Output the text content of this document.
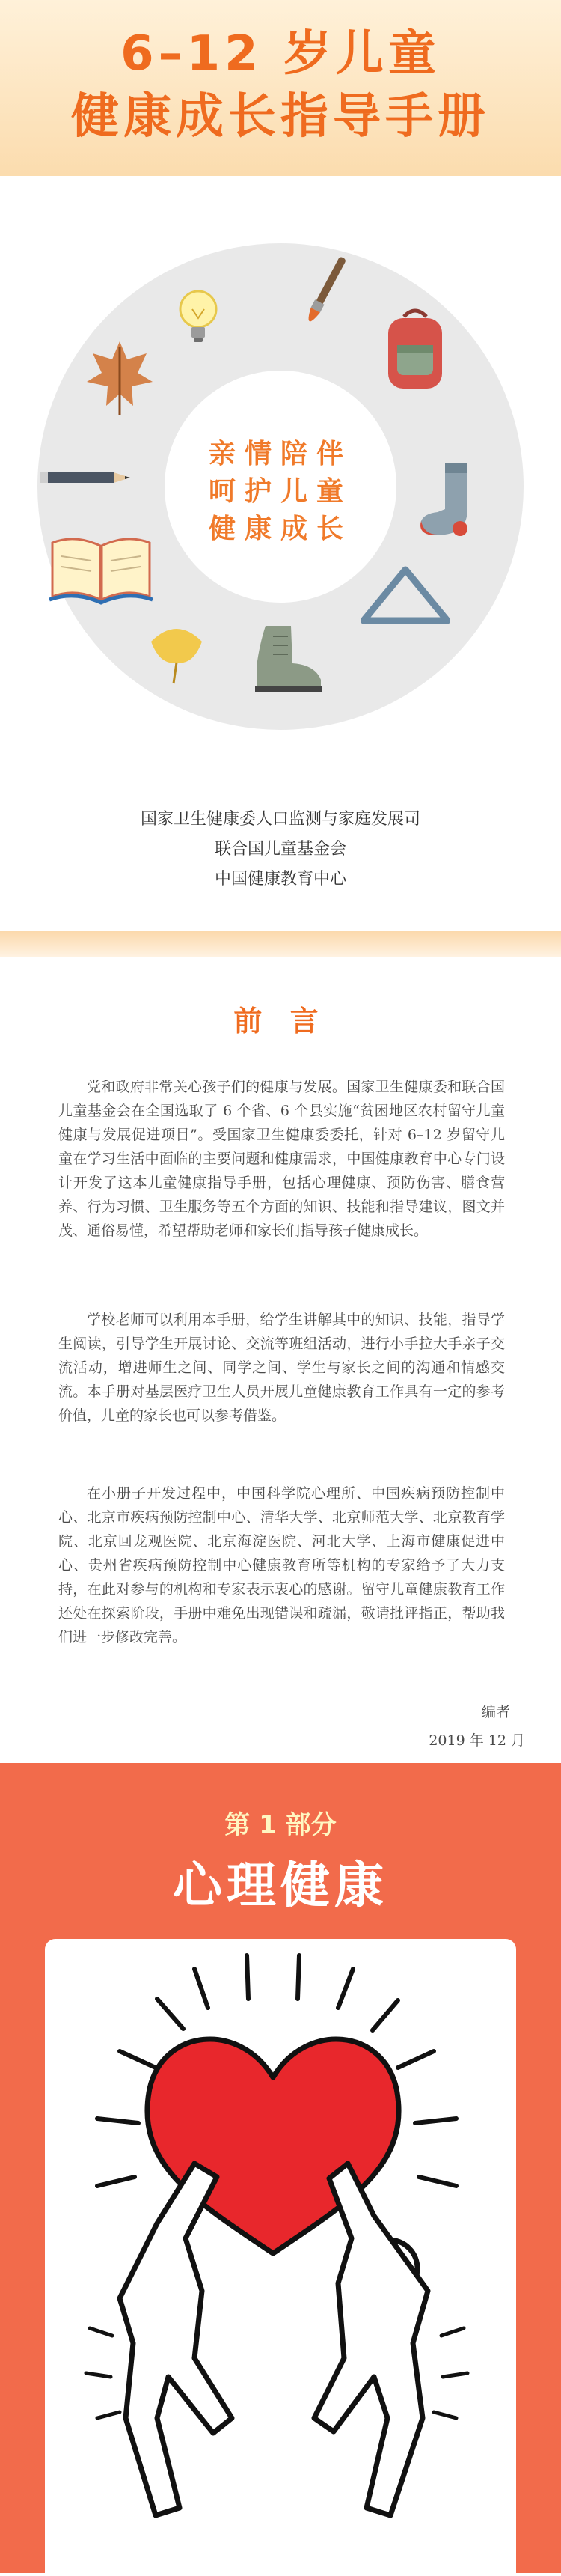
6–12 岁儿童
健康成长指导手册
亲情陪伴
呵护儿童
健康成长
国家卫生健康委人口监测与家庭发展司
联合国儿童基金会
中国健康教育中心
前 言

党和政府非常关心孩子们的健康与发展。国家卫生健康委和联合国儿童基金会在全国选取了 6 个省、6 个县实施“贫困地区农村留守儿童健康与发展促进项目”。受国家卫生健康委委托，针对 6–12 岁留守儿童在学习生活中面临的主要问题和健康需求，中国健康教育中心专门设计开发了这本儿童健康指导手册，包括心理健康、预防伤害、膳食营养、行为习惯、卫生服务等五个方面的知识、技能和指导建议，图文并茂、通俗易懂，希望帮助老师和家长们指导孩子健康成长。

学校老师可以利用本手册，给学生讲解其中的知识、技能，指导学生阅读，引导学生开展讨论、交流等班组活动，进行小手拉大手亲子交流活动，增进师生之间、同学之间、学生与家长之间的沟通和情感交流。本手册对基层医疗卫生人员开展儿童健康教育工作具有一定的参考价值，儿童的家长也可以参考借鉴。

在小册子开发过程中，中国科学院心理所、中国疾病预防控制中心、北京市疾病预防控制中心、清华大学、北京师范大学、北京教育学院、北京回龙观医院、北京海淀医院、河北大学、上海市健康促进中心、贵州省疾病预防控制中心健康教育所等机构的专家给予了大力支持，在此对参与的机构和专家表示衷心的感谢。留守儿童健康教育工作还处在探索阶段，手册中难免出现错误和疏漏，敬请批评指正，帮助我们进一步修改完善。

编者
2019 年 12 月
第 1 部分
心理健康
